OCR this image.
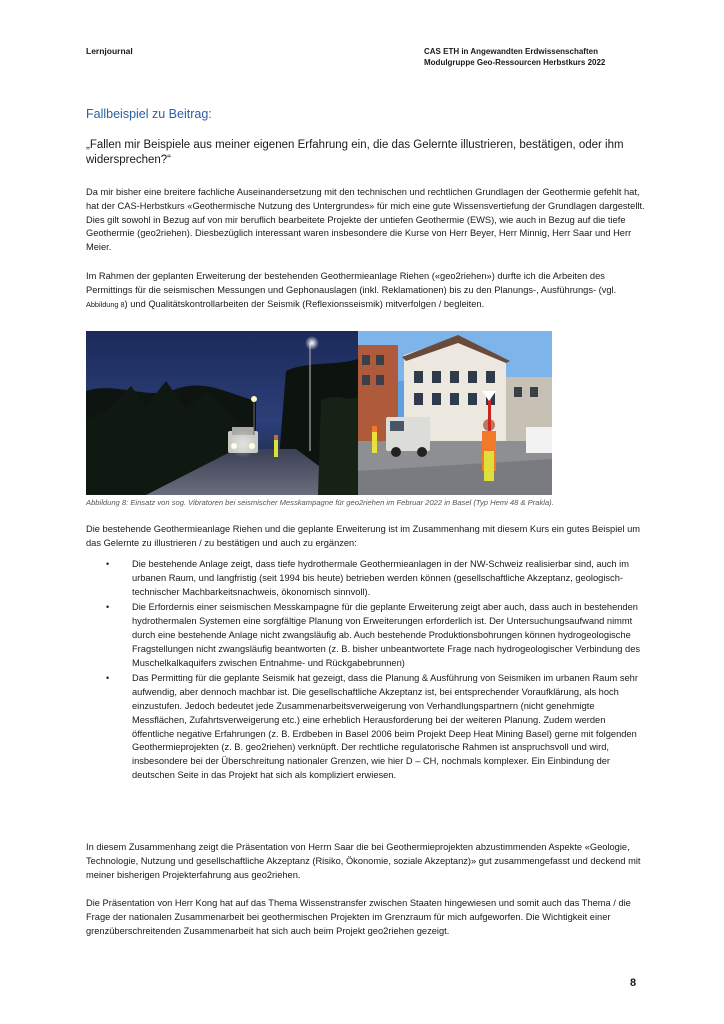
Lernjournal	CAS ETH in Angewandten Erdwissenschaften
Modulgruppe Geo-Ressourcen Herbstkurs 2022
Fallbeispiel zu Beitrag:
„Fallen mir Beispiele aus meiner eigenen Erfahrung ein, die das Gelernte illustrieren, bestätigen, oder ihm widersprechen?“
Da mir bisher eine breitere fachliche Auseinandersetzung mit den technischen und rechtlichen Grundlagen der Geothermie gefehlt hat, hat der CAS-Herbstkurs «Geothermische Nutzung des Untergrundes» für mich eine gute Wissensvertiefung der Grundlagen dargestellt. Dies gilt sowohl in Bezug auf von mir beruflich bearbeitete Projekte der untiefen Geothermie (EWS), wie auch in Bezug auf die tiefe Geothermie (geo2riehen). Diesbezüglich interessant waren insbesondere die Kurse von Herr Beyer, Herr Minnig, Herr Saar und Herr Meier.
Im Rahmen der geplanten Erweiterung der bestehenden Geothermieanlage Riehen («geo2riehen») durfte ich die Arbeiten des Permittings für die seismischen Messungen und Gephonauslagen (inkl. Reklamationen) bis zu den Planungs-, Ausführungs- (vgl. Abbildung 8) und Qualitätskontrollarbeiten der Seismik (Reflexionsseismik) mitverfolgen / begleiten.
Abbildung 8: Einsatz von sog. Vibratoren bei seismischer Messkampagne für geo2riehen im Februar 2022 in Basel (Typ Hemi 48 & Prakla).
Die bestehende Geothermieanlage Riehen und die geplante Erweiterung ist im Zusammenhang mit diesem Kurs ein gutes Beispiel um das Gelernte zu illustrieren / zu bestätigen und auch zu ergänzen:
• Die bestehende Anlage zeigt, dass tiefe hydrothermale Geothermieanlagen in der NW-Schweiz realisierbar sind, auch im urbanen Raum, und langfristig (seit 1994 bis heute) betrieben werden können (gesellschaftliche Akzeptanz, geologisch-technischer Machbarkeitsnachweis, ökonomisch sinnvoll).
• Die Erfordernis einer seismischen Messkampagne für die geplante Erweiterung zeigt aber auch, dass auch in bestehenden hydrothermalen Systemen eine sorgfältige Planung von Erweiterungen erforderlich ist. Der Untersuchungsaufwand nimmt durch eine bestehende Anlage nicht zwangsläufig ab. Auch bestehende Produktionsbohrungen können hydrogeologische Fragstellungen nicht zwangsläufig beantworten (z. B. bisher unbeantwortete Frage nach hydrogeologischer Verbindung des Muschelkalkaquifers zwischen Entnahme- und Rückgabebrunnen)
• Das Permitting für die geplante Seismik hat gezeigt, dass die Planung & Ausführung von Seismiken im urbanen Raum sehr aufwendig, aber dennoch machbar ist. Die gesellschaftliche Akzeptanz ist, bei entsprechender Voraufklärung, als hoch einzustufen. Jedoch bedeutet jede Zusammenarbeitsverweigerung von Verhandlungspartnern (nicht genehmigte Messflächen, Zufahrtsverweigerung etc.) eine erheblich Herausforderung bei der weiteren Planung. Zudem werden öffentliche negative Erfahrungen (z. B. Erdbeben in Basel 2006 beim Projekt Deep Heat Mining Basel) gerne mit folgenden Geothermieprojekten (z. B. geo2riehen) verknüpft. Der rechtliche regulatorische Rahmen ist anspruchsvoll und wird, insbesondere bei der Überschreitung nationaler Grenzen, wie hier D – CH, nochmals komplexer. Ein Einbindung der deutschen Seite in das Projekt hat sich als kompliziert erwiesen.
In diesem Zusammenhang zeigt die Präsentation von Herrn Saar die bei Geothermieprojekten abzustimmenden Aspekte «Geologie, Technologie, Nutzung und gesellschaftliche Akzeptanz (Risiko, Ökonomie, soziale Akzeptanz)» gut zusammengefasst und deckend mit meiner bisherigen Projekterfahrung aus geo2riehen.
Die Präsentation von Herr Kong hat auf das Thema Wissenstransfer zwischen Staaten hingewiesen und somit auch das Thema / die Frage der nationalen Zusammenarbeit bei geothermischen Projekten im Grenzraum für mich aufgeworfen. Die Wichtigkeit einer grenzüberschreitenden Zusammenarbeit hat sich auch beim Projekt geo2riehen gezeigt.
8
